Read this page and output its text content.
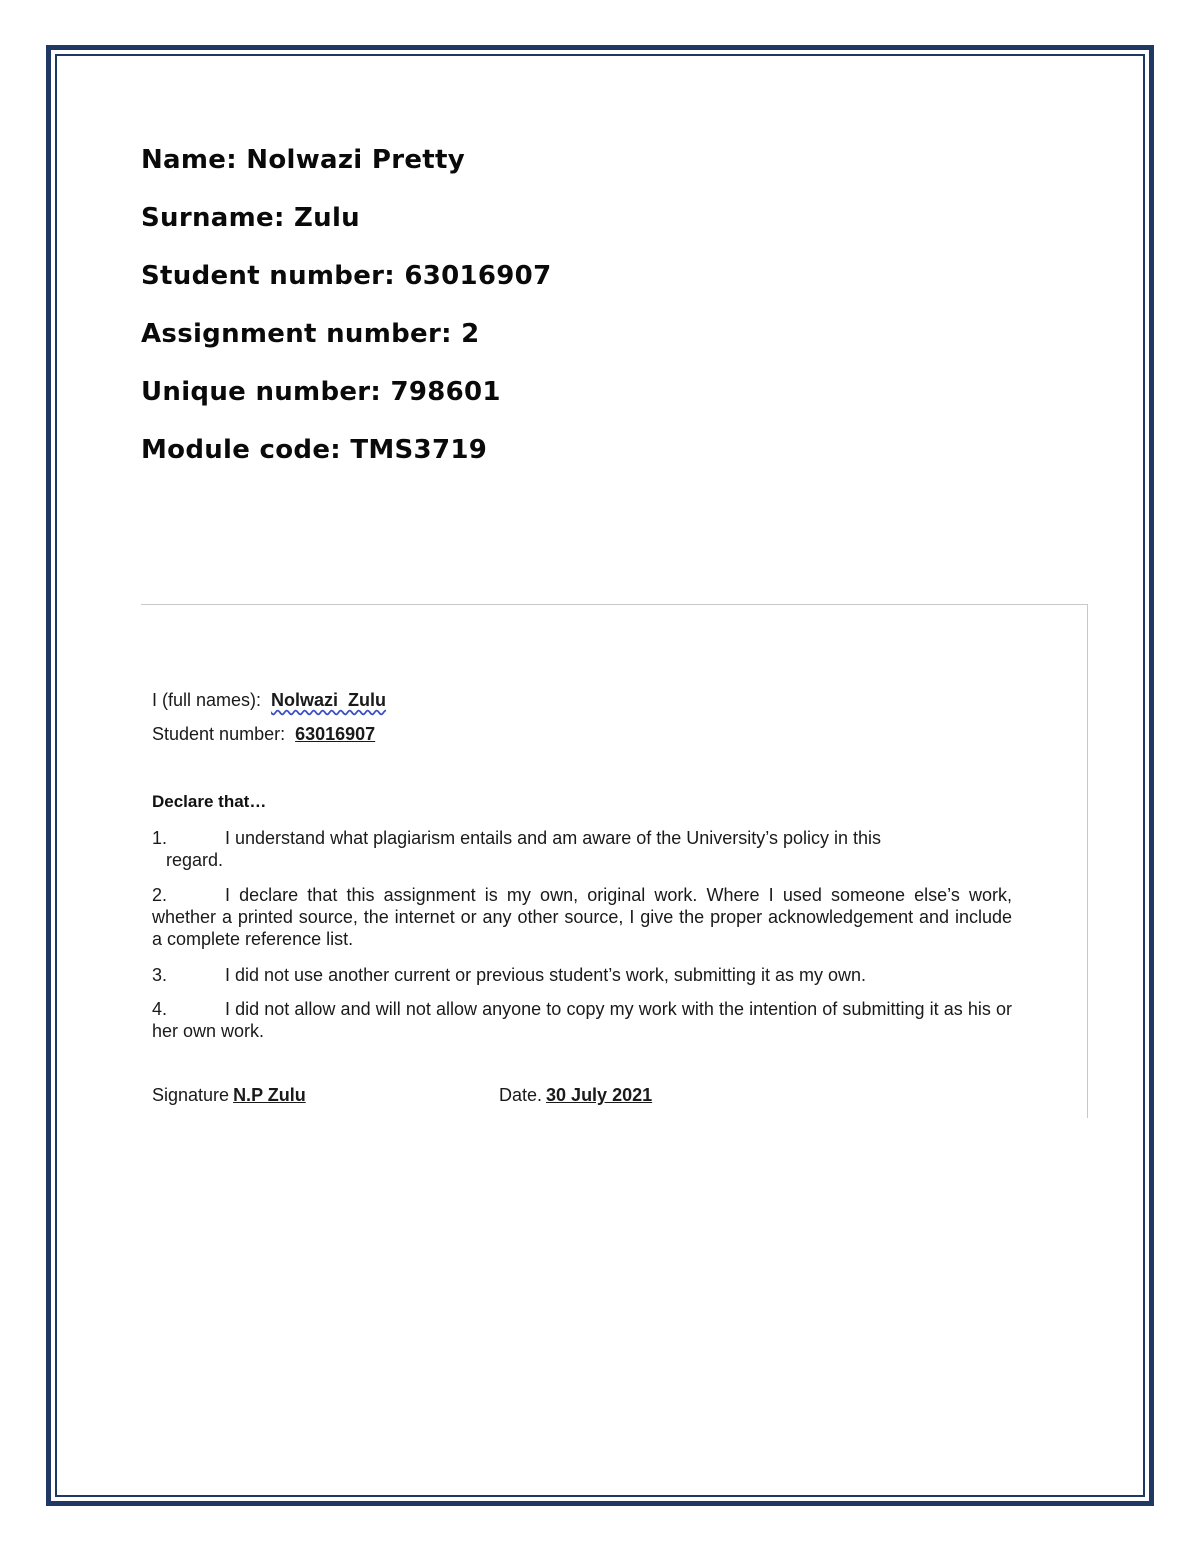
Name: Nolwazi Pretty
Surname: Zulu
Student number: 63016907
Assignment number: 2
Unique number: 798601
Module code: TMS3719
I (full names): Nolwazi  Zulu
Student number: 63016907
Declare that…
1.	I understand what plagiarism entails and am aware of the University’s policy in this
regard.
2.	I declare that this assignment is my own, original work. Where I used someone else’s work, whether a printed source, the internet or any other source, I give the proper acknowledgement and include a complete reference list.
3.	I did not use another current or previous student’s work, submitting it as my own.
4.	I did not allow and will not allow anyone to copy my work with the intention of submitting it as his or her own work.
Signature N.P Zulu	Date. 30 July 2021
